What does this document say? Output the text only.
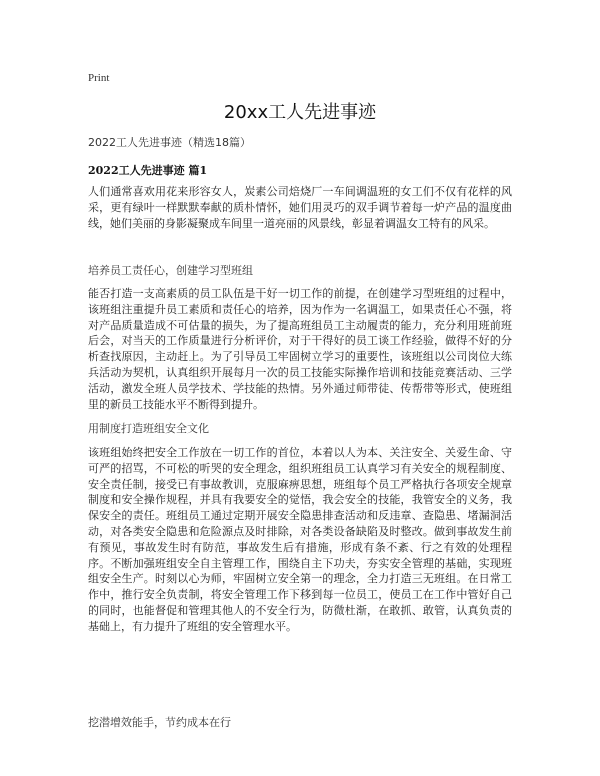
Print
20xx工人先进事迹
2022工人先进事迹（精选18篇）
2022工人先进事迹 篇1

人们通常喜欢用花来形容女人，炭素公司焙烧厂一车间调温班的女工们不仅有花样的风采，更有绿叶一样默默奉献的质朴情怀，她们用灵巧的双手调节着每一炉产品的温度曲线，她们美丽的身影凝聚成车间里一道亮丽的风景线，彰显着调温女工特有的风采。

培养员工责任心，创建学习型班组

能否打造一支高素质的员工队伍是干好一切工作的前提，在创建学习型班组的过程中，该班组注重提升员工素质和责任心的培养，因为作为一名调温工，如果责任心不强，将对产品质量造成不可估量的损失，为了提高班组员工主动履责的能力，充分利用班前班后会，对当天的工作质量进行分析评价，对于干得好的员工谈工作经验，做得不好的分析查找原因，主动赶上。为了引导员工牢固树立学习的重要性，该班组以公司岗位大练兵活动为契机，认真组织开展每月一次的员工技能实际操作培训和技能竞赛活动、三学活动，激发全班人员学技术、学技能的热情。另外通过师带徒、传帮带等形式，使班组里的新员工技能水平不断得到提升。

用制度打造班组安全文化

该班组始终把安全工作放在一切工作的首位，本着以人为本、关注安全、关爱生命、守可严的招骂，不可松的听哭的安全理念，组织班组员工认真学习有关安全的规程制度、安全责任制，接受已有事故教训，克服麻痹思想，班组每个员工严格执行各项安全规章制度和安全操作规程，并具有我要安全的觉悟，我会安全的技能，我管安全的义务，我保安全的责任。班组员工通过定期开展安全隐患排查活动和反违章、查隐患、堵漏洞活动，对各类安全隐患和危险源点及时排除，对各类设备缺陷及时整改。做到事故发生前有预见，事故发生时有防范，事故发生后有措施，形成有条不紊、行之有效的处理程序。不断加强班组安全自主管理工作，围绕自主下功夫，夯实安全管理的基础，实现班组安全生产。时刻以心为师，牢固树立安全第一的理念，全力打造三无班组。在日常工作中，推行安全负责制，将安全管理工作下移到每一位员工，使员工在工作中管好自己的同时，也能督促和管理其他人的不安全行为，防微杜渐，在敢抓、敢管，认真负责的基础上，有力提升了班组的安全管理水平。

挖潜增效能手，节约成本在行
